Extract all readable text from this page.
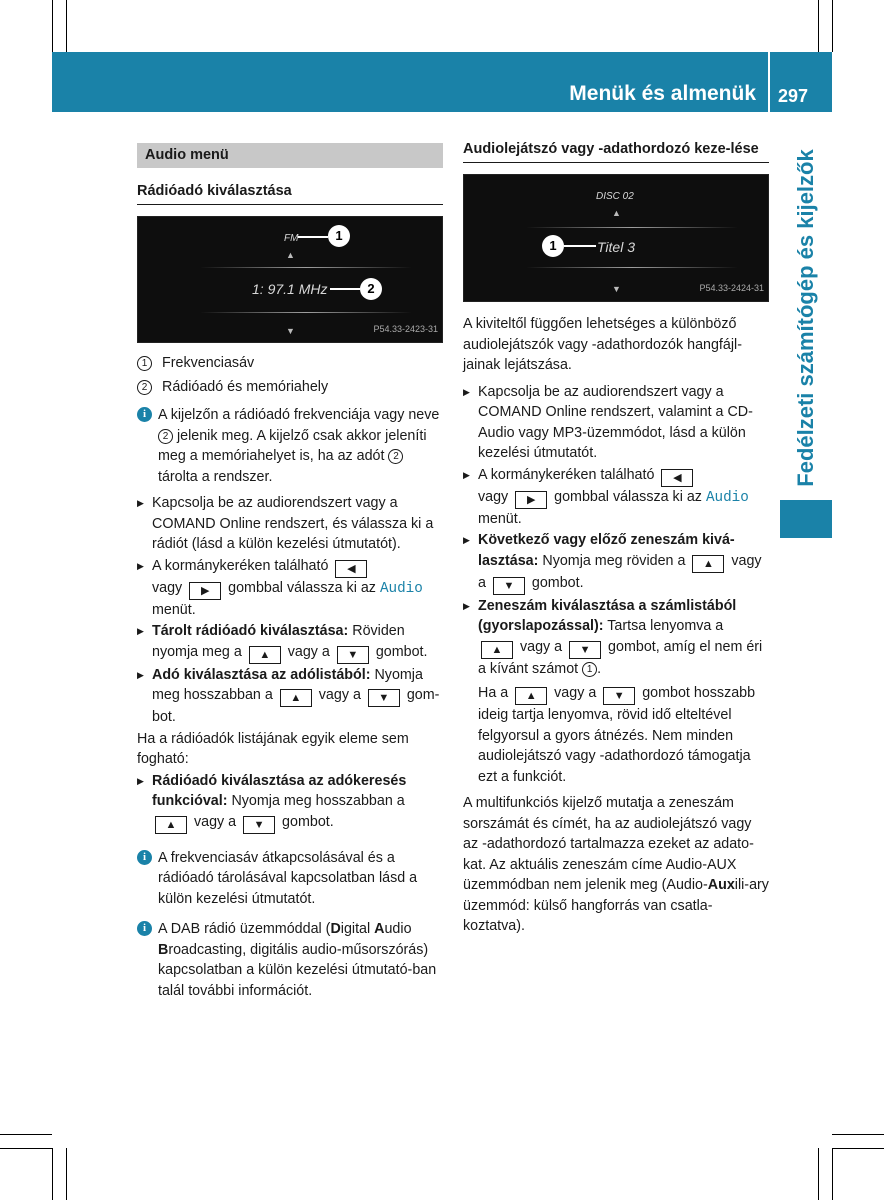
Menük és almenük 297
Fedélzeti számítógép és kijelzők
Audio menü
Rádióadó kiválasztása
FM	1
▲
1: 97.1 MHz	2
▼	P54.33-2423-31
1	Frekvenciasáv
2	Rádióadó és memóriahely
i A kijelzőn a rádióadó frekvenciája vagy neve 2 jelenik meg. A kijelző csak akkor jeleníti meg a memóriahelyet is, ha az adót 2 tárolta a rendszer.

▶ Kapcsolja be az audiorendszert vagy a COMAND Online rendszert, és válassza ki a rádiót (lásd a külön kezelési útmutatót).

▶ A kormánykeréken található ◀
vagy ▶ gombbal válassza ki az Audio
menüt.

▶ Tárolt rádióadó kiválasztása: Röviden nyomja meg a ▲ vagy a ▼ gombot.

▶ Adó kiválasztása az adólistából: Nyomja meg hosszabban a ▲ vagy a ▼ gom-bot.

Ha a rádióadók listájának egyik eleme sem fogható:

▶ Rádióadó kiválasztása az adókeresés funkcióval: Nyomja meg hosszabban a
▲ vagy a ▼ gombot.

i A frekvenciasáv átkapcsolásával és a rádióadó tárolásával kapcsolatban lásd a külön kezelési útmutatót.

i A DAB rádió üzemmóddal (Digital Audio Broadcasting, digitális audio-műsorszórás) kapcsolatban a külön kezelési útmutató-ban talál további információt.

Audiolejátszó vagy -adathordozó keze-lése
DISC 02
▲
1	Titel 3
▼	P54.33-2424-31

A kiviteltől függően lehetséges a különböző audiolejátszók vagy -adathordozók hangfájl-jainak lejátszása.

▶ Kapcsolja be az audiorendszert vagy a COMAND Online rendszert, valamint a CD-Audio vagy MP3-üzemmódot, lásd a külön kezelési útmutatót.

▶ A kormánykeréken található ◀
vagy ▶ gombbal válassza ki az Audio
menüt.

▶ Következő vagy előző zeneszám kivá-lasztása: Nyomja meg röviden a ▲ vagy a ▼ gombot.

▶ Zeneszám kiválasztása a számlistából (gyorslapozással): Tartsa lenyomva a
▲ vagy a ▼ gombot, amíg el nem éri a kívánt számot 1 .

Ha a ▲ vagy a ▼ gombot hosszabb ideig tartja lenyomva, rövid idő elteltével felgyorsul a gyors átnézés. Nem minden audiolejátszó vagy -adathordozó támogatja ezt a funkciót.

A multifunkciós kijelző mutatja a zeneszám sorszámát és címét, ha az audiolejátszó vagy az -adathordozó tartalmazza ezeket az adato-kat. Az aktuális zeneszám címe Audio-AUX üzemmódban nem jelenik meg (Audio-Auxili-ary üzemmód: külső hangforrás van csatla-koztatva).
